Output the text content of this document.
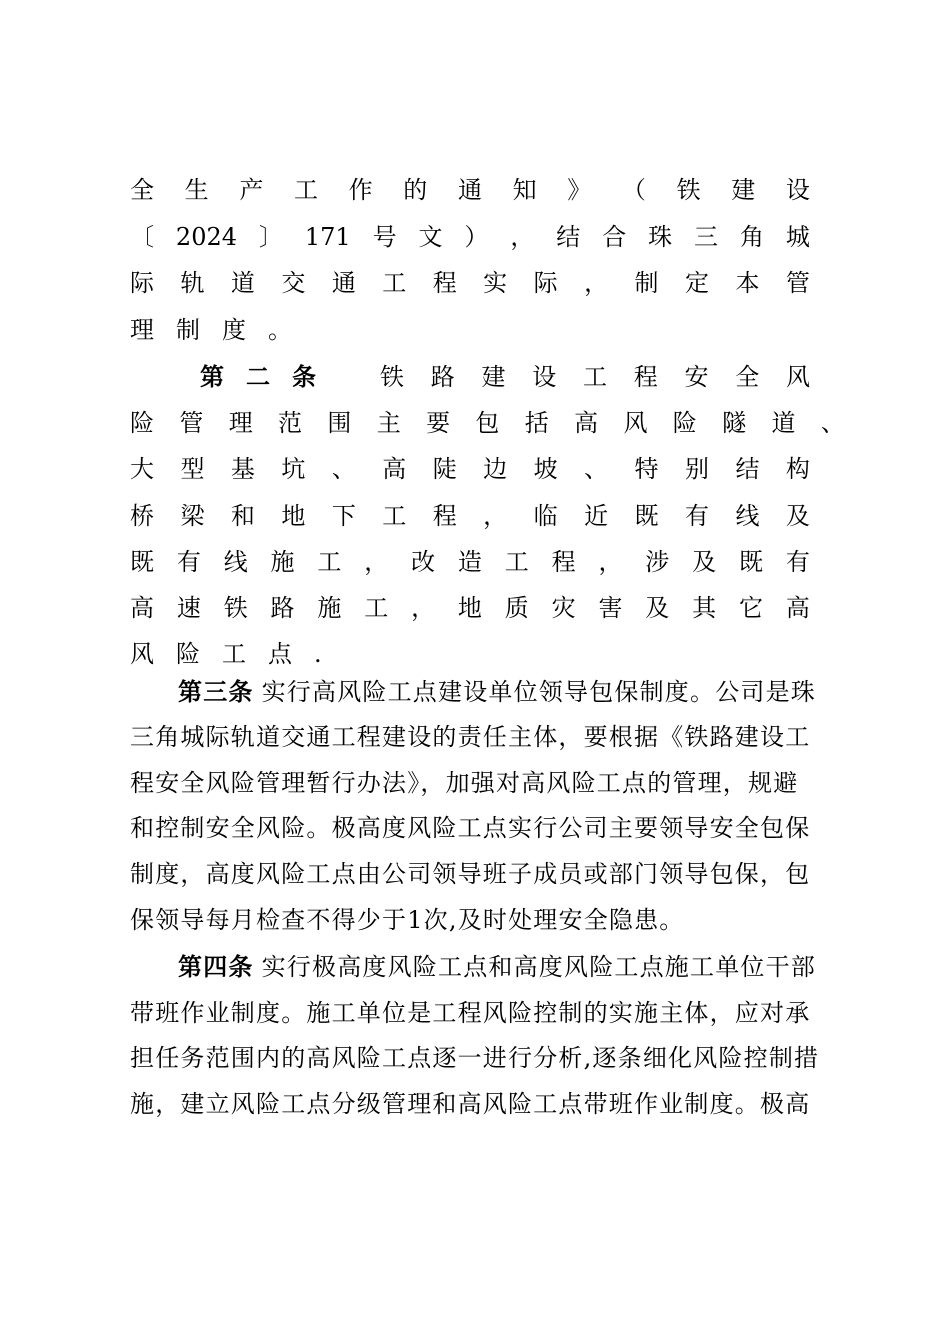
全 生 产 工 作 的 通 知 》 （ 铁 建 设
〔 2024 〕 171 号 文 ） ， 结 合 珠 三 角 城
际 轨 道 交 通 工 程 实 际 ， 制 定 本 管
理制度。
第二条 铁 路 建 设 工 程 安 全 风
险 管 理 范 围 主 要 包 括 高 风 险 隧 道 、
大 型 基 坑 、 高 陡 边 坡 、 特 别 结 构
桥 梁 和 地 下 工 程 ， 临 近 既 有 线 及
既 有 线 施 工 ， 改 造 工 程 ， 涉 及 既 有
高 速 铁 路 施 工 ， 地 质 灾 害 及 其 它 高
风险工点.
第三条 实行高风险工点建设单位领导包保制度。公司是珠
三角城际轨道交通工程建设的责任主体，要根据《铁路建设工
程安全风险管理暂行办法》，加强对高风险工点的管理，规避
和控制安全风险。极高度风险工点实行公司主要领导安全包保
制度，高度风险工点由公司领导班子成员或部门领导包保，包
保领导每月检查不得少于1次,及时处理安全隐患。
第四条 实行极高度风险工点和高度风险工点施工单位干部
带班作业制度。施工单位是工程风险控制的实施主体，应对承
担任务范围内的高风险工点逐一进行分析,逐条细化风险控制措
施，建立风险工点分级管理和高风险工点带班作业制度。极高
